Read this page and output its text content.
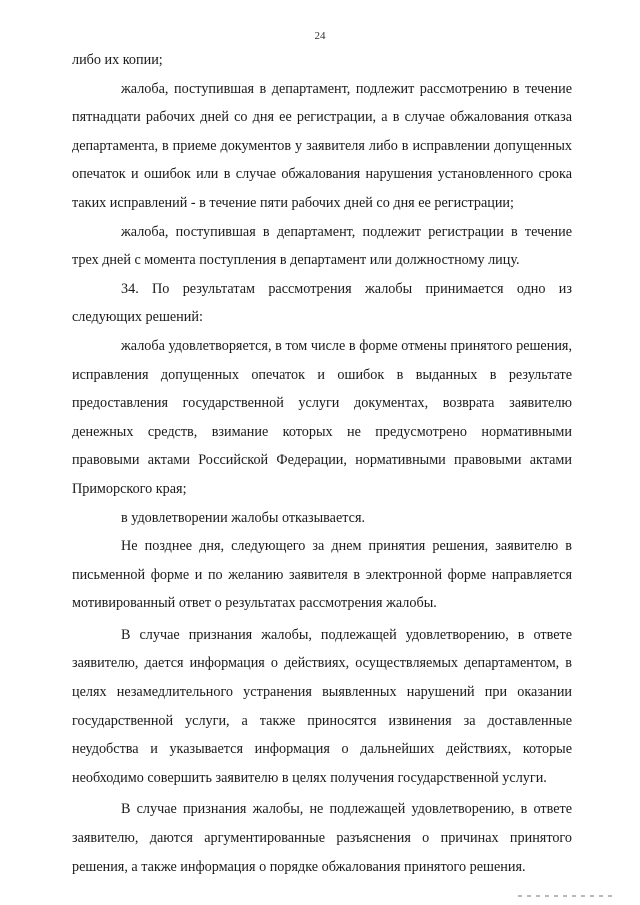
24

либо их копии;

жалоба, поступившая в департамент, подлежит рассмотрению в течение пятнадцати рабочих дней со дня ее регистрации, а в случае обжалования отказа департамента, в приеме документов у заявителя либо в исправлении допущенных опечаток и ошибок или в случае обжалования нарушения установленного срока таких исправлений - в течение пяти рабочих дней со дня ее регистрации;

жалоба, поступившая в департамент, подлежит регистрации в течение трех дней с момента поступления в департамент или должностному лицу.

34. По результатам рассмотрения жалобы принимается одно из следующих решений:

жалоба удовлетворяется, в том числе в форме отмены принятого решения, исправления допущенных опечаток и ошибок в выданных в результате предоставления государственной услуги документах, возврата заявителю денежных средств, взимание которых не предусмотрено нормативными правовыми актами Российской Федерации, нормативными правовыми актами Приморского края;

в удовлетворении жалобы отказывается.

Не позднее дня, следующего за днем принятия решения, заявителю в письменной форме и по желанию заявителя в электронной форме направляется мотивированный ответ о результатах рассмотрения жалобы.

В случае признания жалобы, подлежащей удовлетворению, в ответе заявителю, дается информация о действиях, осуществляемых департаментом, в целях незамедлительного устранения выявленных нарушений при оказании государственной услуги, а также приносятся извинения за доставленные неудобства и указывается информация о дальнейших действиях, которые необходимо совершить заявителю в целях получения государственной услуги.

В случае признания жалобы, не подлежащей удовлетворению, в ответе заявителю, даются аргументированные разъяснения о причинах принятого решения, а также информация о порядке обжалования принятого решения.
